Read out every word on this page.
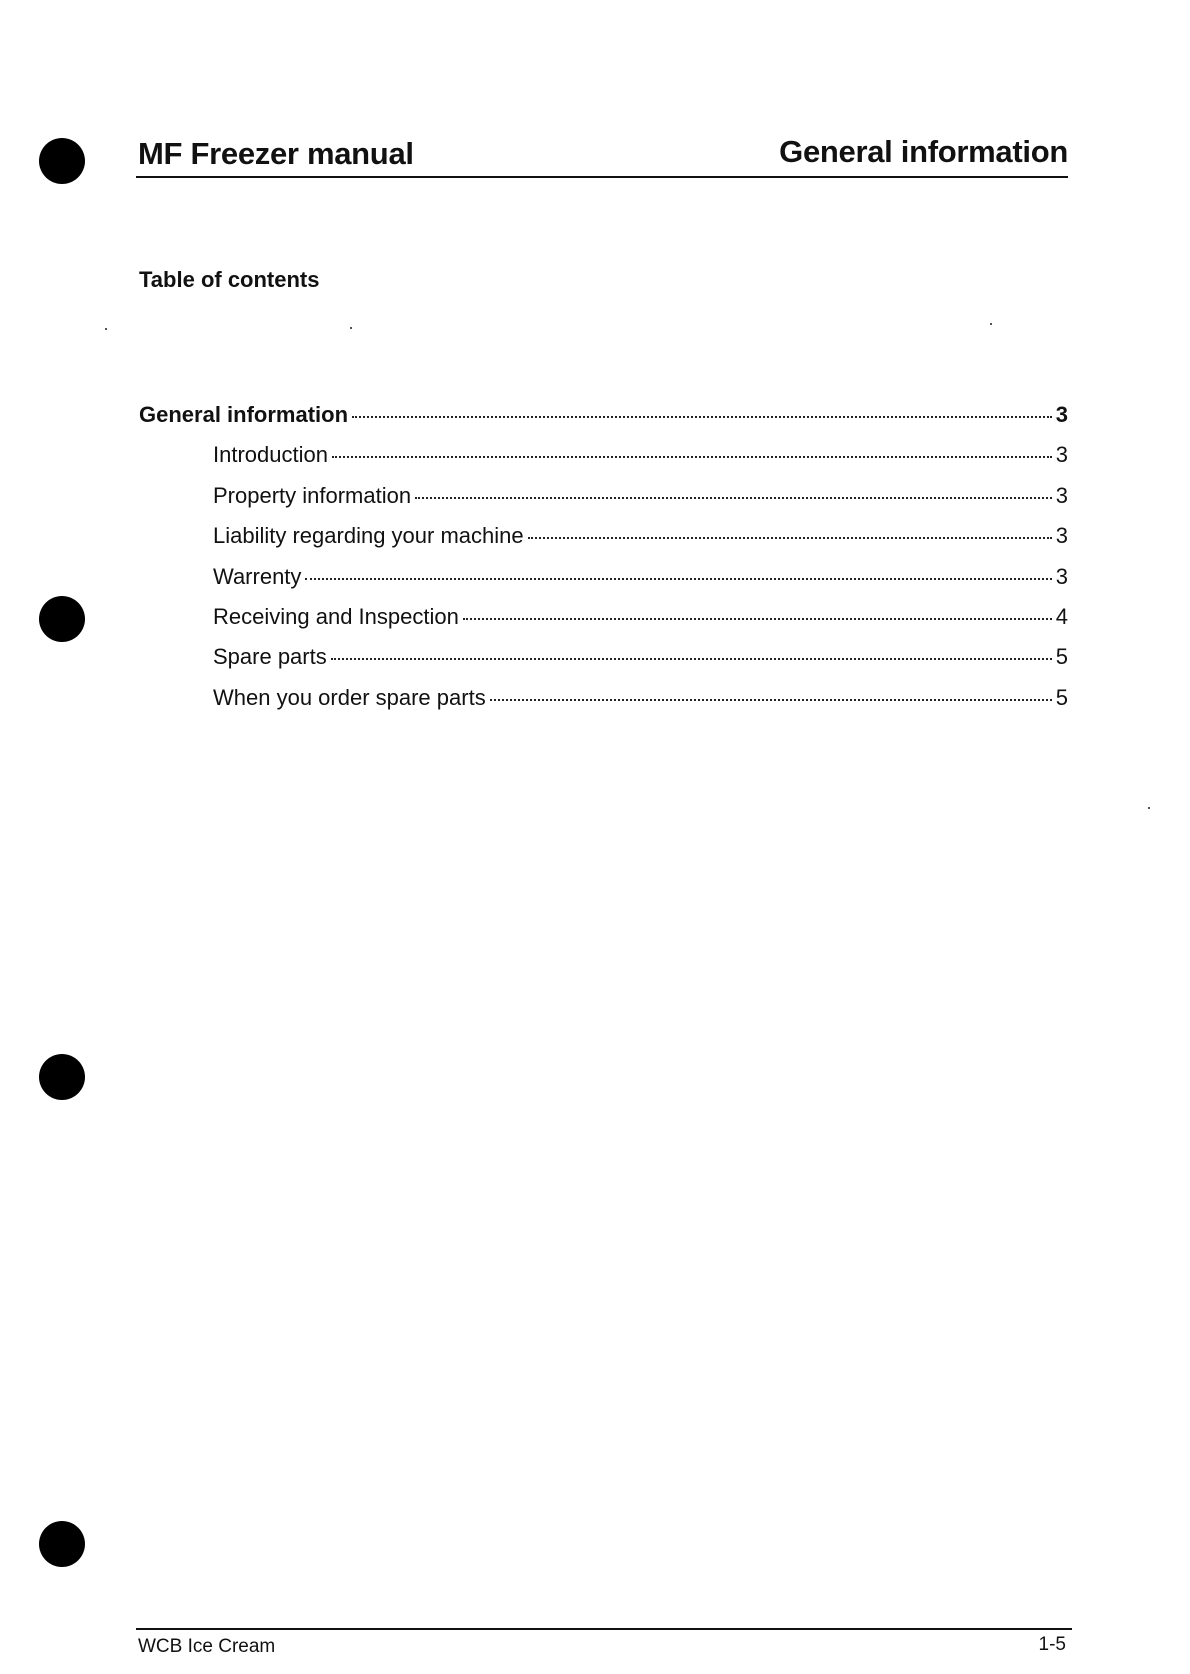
MF Freezer manual	General information
Table of contents
General information	3
Introduction	3
Property information	3
Liability regarding your machine	3
Warrenty	3
Receiving and Inspection	4
Spare parts	5
When you order spare parts	5
WCB Ice Cream	1-5
